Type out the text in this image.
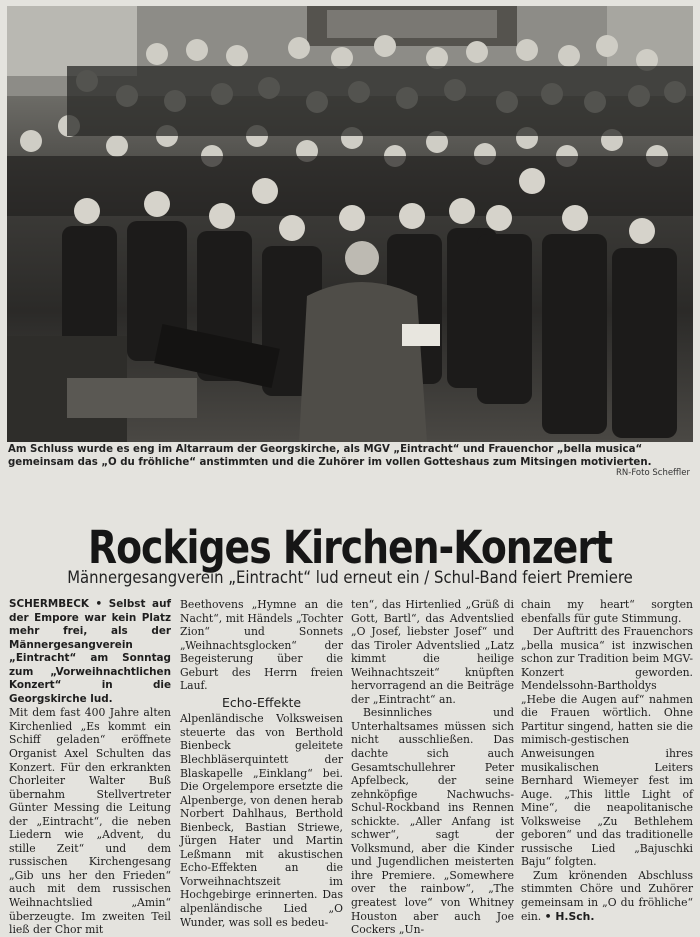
Am Schluss wurde es eng im Altarraum der Georgskirche, als MGV „Eintracht“ und Frauenchor „bella musica“ gemeinsam das „O du fröhliche“ anstimmten und die Zuhörer im vollen Gotteshaus zum Mitsingen motivierten.
RN-Foto Scheffler
Rockiges Kirchen-Konzert
Männergesangverein „Eintracht“ lud erneut ein / Schul-Band feiert Premiere

SCHERMBECK • Selbst auf der Empore war kein Platz mehr frei, als der Männergesangverein „Eintracht“ am Sonntag zum „Vorweihnachtlichen Konzert“ in die Georgskirche lud.

Mit dem fast 400 Jahre alten Kirchenlied „Es kommt ein Schiff geladen“ eröffnete Organist Axel Schulten das Konzert. Für den erkrankten Chorleiter Walter Buß übernahm Stellvertreter Günter Messing die Leitung der „Eintracht“, die neben Liedern wie „Advent, du stille Zeit“ und dem russischen Kirchengesang „Gib uns her den Frieden“ auch mit dem russischen Weihnachtslied „Amin“ überzeugte. Im zweiten Teil ließ der Chor mit

Beethovens „Hymne an die Nacht“, mit Händels „Tochter Zion“ und Sonnets „Weihnachtsglocken“ der Begeisterung über die Geburt des Herrn freien Lauf.

Echo-Effekte

Alpenländische Volksweisen steuerte das von Berthold Bienbeck geleitete Blechbläserquintett der Blaskapelle „Einklang“ bei. Die Orgelempore ersetzte die Alpenberge, von denen herab Norbert Dahlhaus, Berthold Bienbeck, Bastian Striewe, Jürgen Hater und Martin Leßmann mit akustischen Echo-Effekten an die Vorweihnachtszeit im Hochgebirge erinnerten. Das alpenländische Lied „O Wunder, was soll es bedeu-

ten“, das Hirtenlied „Grüß di Gott, Bartl“, das Adventslied „O Josef, liebster Josef“ und das Tiroler Adventslied „Latz kimmt die heilige Weihnachtszeit“ knüpften hervorragend an die Beiträge der „Eintracht“ an.

Besinnliches und Unterhaltsames müssen sich nicht ausschließen. Das dachte sich auch Gesamtschullehrer Peter Apfelbeck, der seine zehnköpfige Nachwuchs-Schul-Rockband ins Rennen schickte. „Aller Anfang ist schwer“, sagt der Volksmund, aber die Kinder und Jugendlichen meisterten ihre Premiere. „Somewhere over the rainbow“, „The greatest love“ von Whitney Houston aber auch Joe Cockers „Un-

chain my heart“ sorgten ebenfalls für gute Stimmung.

Der Auftritt des Frauenchors „bella musica“ ist inzwischen schon zur Tradition beim MGV-Konzert geworden. Mendelssohn-Bartholdys „Hebe die Augen auf“ nahmen die Frauen wörtlich. Ohne Partitur singend, hatten sie die mimisch-gestischen Anweisungen ihres musikalischen Leiters Bernhard Wiemeyer fest im Auge. „This little Light of Mine“, die neapolitanische Volksweise „Zu Bethlehem geboren“ und das traditionelle russische Lied „Bajuschki Baju“ folgten.

Zum krönenden Abschluss stimmten Chöre und Zuhörer gemeinsam in „O du fröhliche“ ein. • H.Sch.
